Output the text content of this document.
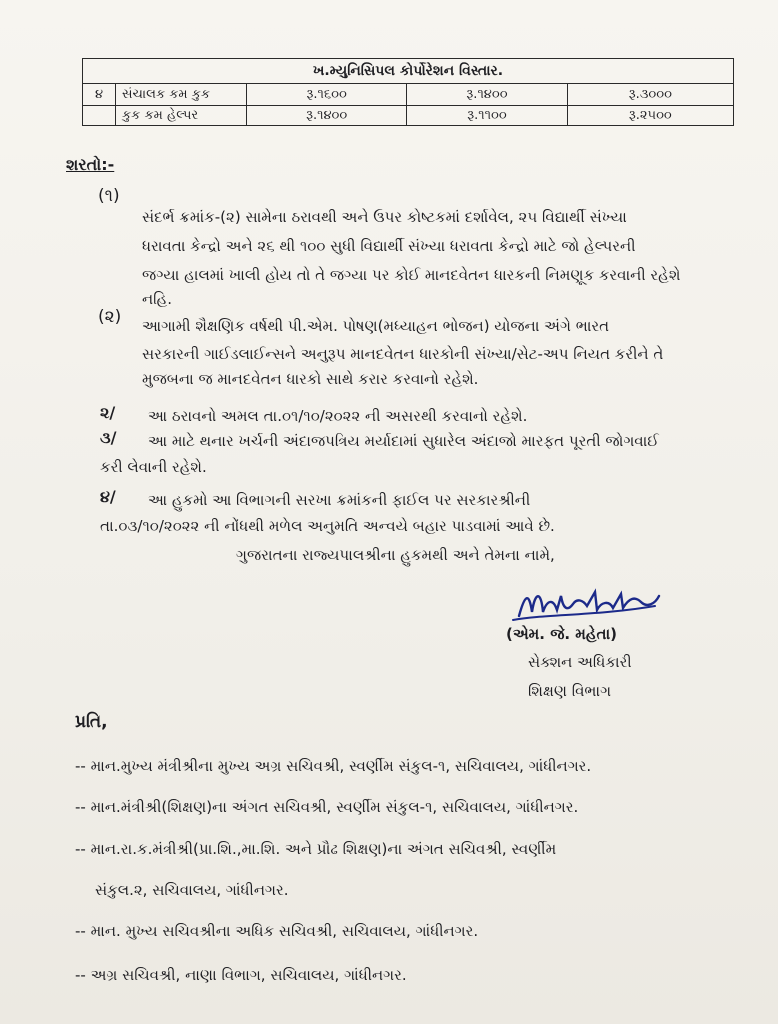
ખ.મ્યુનિસિપલ કોર્પોરેશન વિસ્તાર.				
૪	સંચાલક કમ કુક	રૂ.૧૬૦૦	રૂ.૧૪૦૦	રૂ.૩૦૦૦
	કુક કમ હેલ્પર	રૂ.૧૪૦૦	રૂ.૧૧૦૦	રૂ.૨૫૦૦
શરતો:-
(૧)
સંદર્ભ ક્રમાંક-(૨) સામેના ઠરાવથી અને ઉપર કોષ્ટકમાં દર્શાવેલ, ૨૫ વિદ્યાર્થી સંખ્યા
ધરાવતા કેન્દ્રો અને ૨૬ થી ૧૦૦ સુધી વિદ્યાર્થી સંખ્યા ધરાવતા કેન્દ્રો માટે જો હેલ્પરની
જગ્યા હાલમાં ખાલી હોય તો તે જગ્યા પર કોઈ માનદવેતન ધારકની નિમણૂક કરવાની રહેશે
નહિ.
(૨) આગામી શૈક્ષણિક વર્ષથી પી.એમ. પોષણ(મધ્યાહન ભોજન) યોજના અંગે ભારત
સરકારની ગાઈડલાઈન્સને અનુરૂપ માનદવેતન ધારકોની સંખ્યા/સેટ-અપ નિયત કરીને તે
મુજબના જ માનદવેતન ધારકો સાથે કરાર કરવાનો રહેશે.
૨/ આ ઠરાવનો અમલ તા.૦૧/૧૦/૨૦૨૨ ની અસરથી કરવાનો રહેશે.
૩/ આ માટે થનાર ખર્ચની અંદાજપત્રિય મર્યાદામાં સુધારેલ અંદાજો મારફત પૂરતી જોગવાઈ
કરી લેવાની રહેશે.
૪/ આ હુકમો આ વિભાગની સરખા ક્રમાંકની ફાઈલ પર સરકારશ્રીની
તા.૦૩/૧૦/૨૦૨૨ ની નોંધથી મળેલ અનુમતિ અન્વયે બહાર પાડવામાં આવે છે.
ગુજરાતના રાજ્યપાલશ્રીના હુકમથી અને તેમના નામે,
(એમ. જે. મહેતા)
સેક્શન અધિકારી
શિક્ષણ વિભાગ
પ્રતિ,
-- માન.મુખ્ય મંત્રીશ્રીના મુખ્ય અગ્ર સચિવશ્રી, સ્વર્ણીમ સંકુલ-૧, સચિવાલય, ગાંધીનગર.
-- માન.મંત્રીશ્રી(શિક્ષણ)ના અંગત સચિવશ્રી, સ્વર્ણીમ સંકુલ-૧, સચિવાલય, ગાંધીનગર.
-- માન.રા.ક.મંત્રીશ્રી(પ્રા.શિ.,મા.શિ. અને પ્રૌઢ શિક્ષણ)ના અંગત સચિવશ્રી, સ્વર્ણીમ
સંકુલ.૨, સચિવાલય, ગાંધીનગર.
-- માન. મુખ્ય સચિવશ્રીના અધિક સચિવશ્રી, સચિવાલય, ગાંધીનગર.
-- અગ્ર સચિવશ્રી, નાણા વિભાગ, સચિવાલય, ગાંધીનગર.
